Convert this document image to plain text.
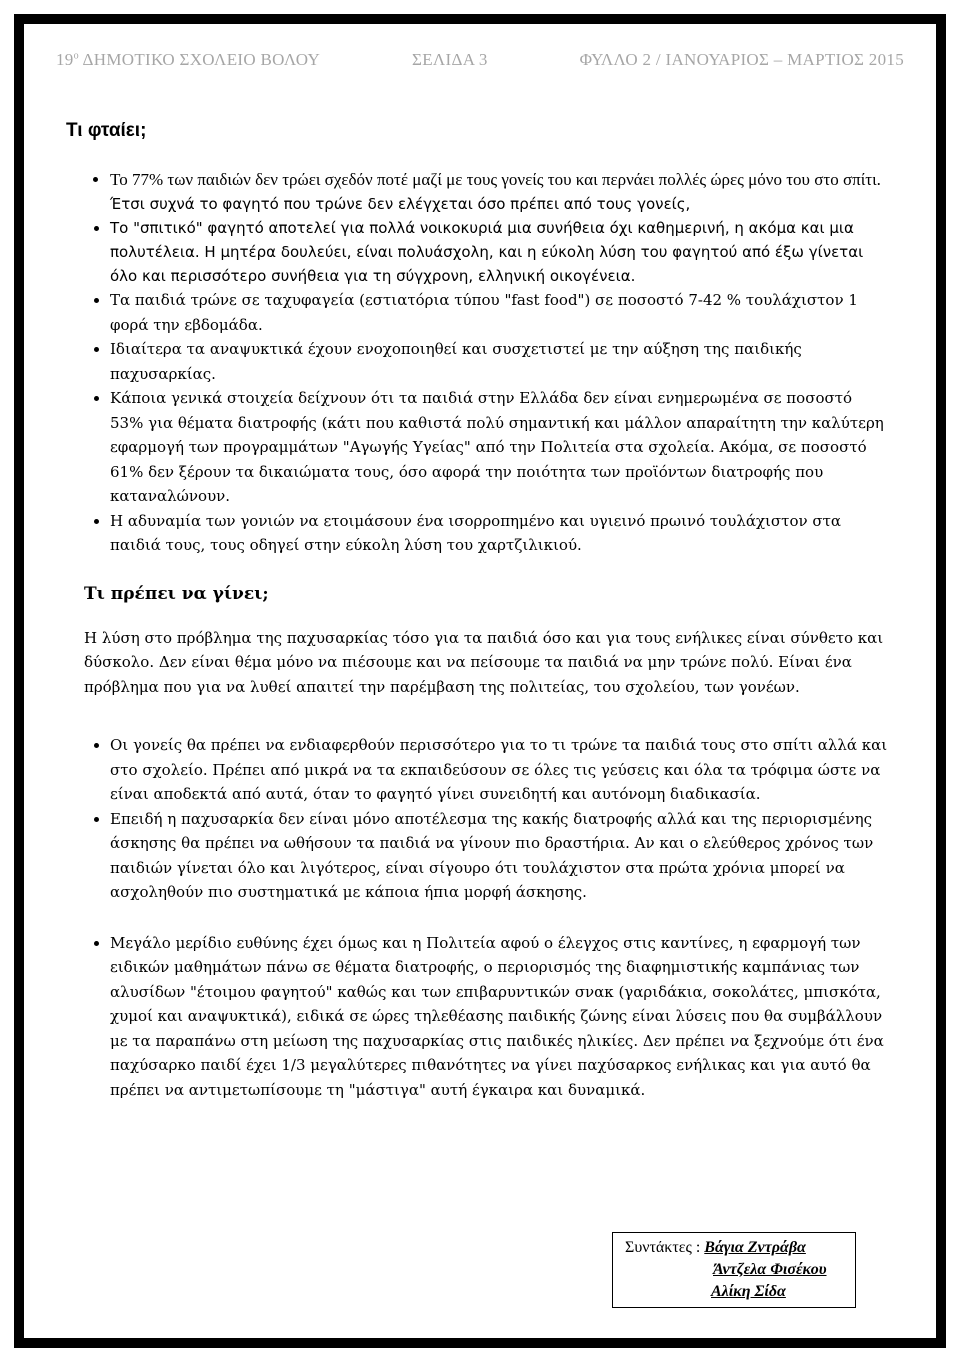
$19^o$ ΔΗΜΟΤΙΚΟ ΣΧΟΛΕΙΟ ΒΟΛΟΥ	ΣΕΛΙΔΑ 3	ΦΥΛΛΟ 2 / ΙΑΝΟΥΑΡΙΟΣ – ΜΑΡΤΙΟΣ 2015
Τι φταίει;
• Το 77% των παιδιών δεν τρώει σχεδόν ποτέ μαζί με τους γονείς του και περνάει πολλές ώρες μόνο του στο σπίτι. Έτσι συχνά το φαγητό που τρώνε δεν ελέγχεται όσο πρέπει από τους γονείς,
• Το "σπιτικό" φαγητό αποτελεί για πολλά νοικοκυριά μια συνήθεια όχι καθημερινή, η ακόμα και μια πολυτέλεια. Η μητέρα δουλεύει, είναι πολυάσχολη, και η εύκολη λύση του φαγητού από έξω γίνεται όλο και περισσότερο συνήθεια για τη σύγχρονη, ελληνική οικογένεια.
• Τα παιδιά τρώνε σε ταχυφαγεία (εστιατόρια τύπου "fast food") σε ποσοστό 7-42 % τουλάχιστον 1 φορά την εβδομάδα.
• Ιδιαίτερα τα αναψυκτικά έχουν ενοχοποιηθεί και συσχετιστεί με την αύξηση της παιδικής παχυσαρκίας.
• Κάποια γενικά στοιχεία δείχνουν ότι τα παιδιά στην Ελλάδα δεν είναι ενημερωμένα σε ποσοστό 53% για θέματα διατροφής (κάτι που καθιστά πολύ σημαντική και μάλλον απαραίτητη την καλύτερη εφαρμογή των προγραμμάτων "Αγωγής Υγείας" από την Πολιτεία στα σχολεία. Ακόμα, σε ποσοστό 61% δεν ξέρουν τα δικαιώματα τους, όσο αφορά την ποιότητα των προϊόντων διατροφής που καταναλώνουν.
• Η αδυναμία των γονιών να ετοιμάσουν ένα ισορροπημένο και υγιεινό πρωινό τουλάχιστον στα παιδιά τους, τους οδηγεί στην εύκολη λύση του χαρτζιλικιού.
Τι πρέπει να γίνει;

Η λύση στο πρόβλημα της παχυσαρκίας τόσο για τα παιδιά όσο και για τους ενήλικες είναι σύνθετο και δύσκολο. Δεν είναι θέμα μόνο να πιέσουμε και να πείσουμε τα παιδιά να μην τρώνε πολύ. Είναι ένα πρόβλημα που για να λυθεί απαιτεί την παρέμβαση της πολιτείας, του σχολείου, των γονέων.

• Οι γονείς θα πρέπει να ενδιαφερθούν περισσότερο για το τι τρώνε τα παιδιά τους στο σπίτι αλλά και στο σχολείο. Πρέπει από μικρά να τα εκπαιδεύσουν σε όλες τις γεύσεις και όλα τα τρόφιμα ώστε να είναι αποδεκτά από αυτά, όταν το φαγητό γίνει συνειδητή και αυτόνομη διαδικασία.
• Επειδή η παχυσαρκία δεν είναι μόνο αποτέλεσμα της κακής διατροφής αλλά και της περιορισμένης άσκησης θα πρέπει να ωθήσουν τα παιδιά να γίνουν πιο δραστήρια. Αν και ο ελεύθερος χρόνος των παιδιών γίνεται όλο και λιγότερος, είναι σίγουρο ότι τουλάχιστον στα πρώτα χρόνια μπορεί να ασχοληθούν πιο συστηματικά με κάποια ήπια μορφή άσκησης.
• Μεγάλο μερίδιο ευθύνης έχει όμως και η Πολιτεία αφού ο έλεγχος στις καντίνες, η εφαρμογή των ειδικών μαθημάτων πάνω σε θέματα διατροφής, ο περιορισμός της διαφημιστικής καμπάνιας των αλυσίδων "έτοιμου φαγητού" καθώς και των επιβαρυντικών σνακ (γαριδάκια, σοκολάτες, μπισκότα, χυμοί και αναψυκτικά), ειδικά σε ώρες τηλεθέασης παιδικής ζώνης είναι λύσεις που θα συμβάλλουν με τα παραπάνω στη μείωση της παχυσαρκίας στις παιδικές ηλικίες. Δεν πρέπει να ξεχνούμε ότι ένα παχύσαρκο παιδί έχει 1/3 μεγαλύτερες πιθανότητες να γίνει παχύσαρκος ενήλικας και για αυτό θα πρέπει να αντιμετωπίσουμε τη "μάστιγα" αυτή έγκαιρα και δυναμικά.
Συντάκτες : Βάγια Ζντράβα
Άντζελα Φισέκου
Αλίκη Σίδα
